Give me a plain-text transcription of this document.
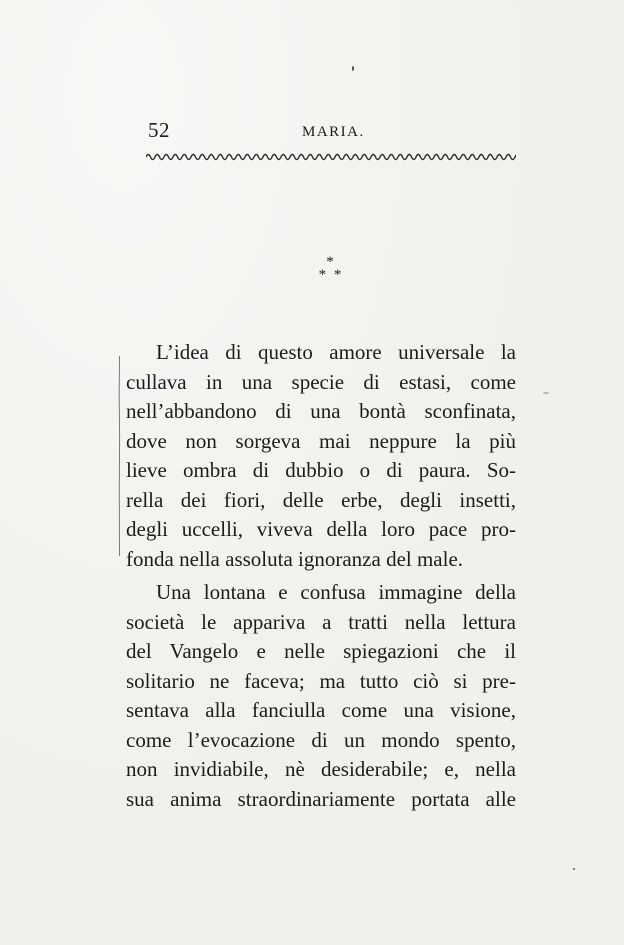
52	MARIA.
*
* *
L’idea di questo amore universale la
cullava in una specie di estasi, come
nell’abbandono di una bontà sconfinata,
dove non sorgeva mai neppure la più
lieve ombra di dubbio o di paura. So-
rella dei fiori, delle erbe, degli insetti,
degli uccelli, viveva della loro pace pro-
fonda nella assoluta ignoranza del male.
Una lontana e confusa immagine della
società le appariva a tratti nella lettura
del Vangelo e nelle spiegazioni che il
solitario ne faceva; ma tutto ciò si pre-
sentava alla fanciulla come una visione,
come l’evocazione di un mondo spento,
non invidiabile, nè desiderabile; e, nella
sua anima straordinariamente portata alle
